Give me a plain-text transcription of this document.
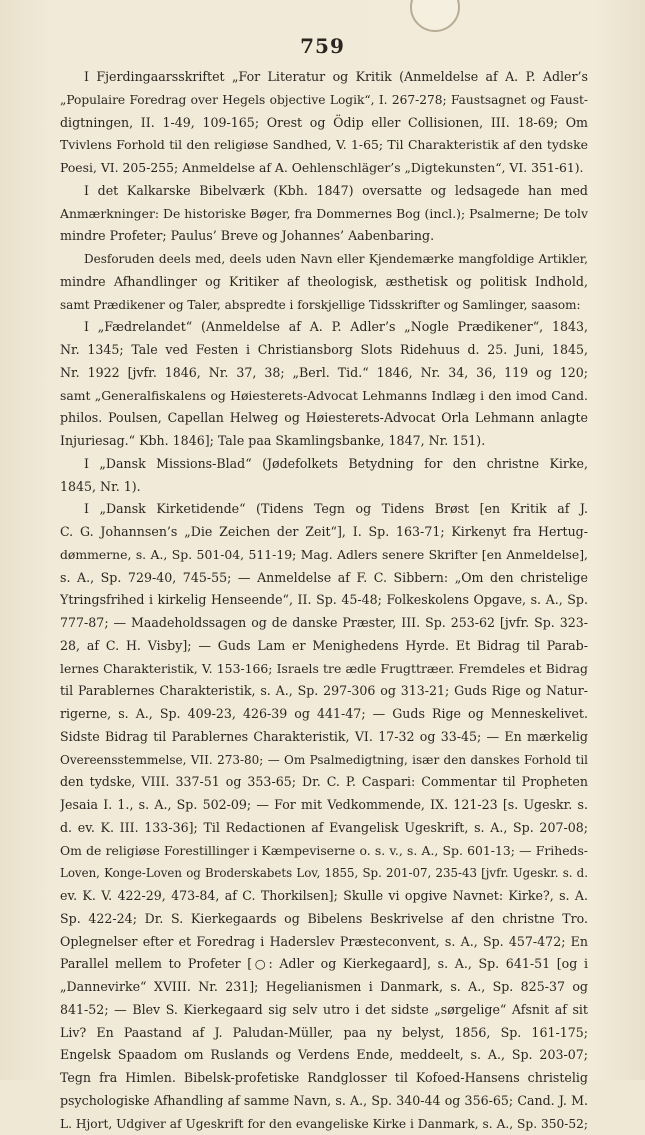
759
I Fjerdingaarsskriftet „For Literatur og Kritik (Anmeldelse af A. P. Adler’s
„Populaire Foredrag over Hegels objective Logik“, I. 267-278; Faustsagnet og Faust-
digtningen, II. 1-49, 109-165; Orest og Ödip eller Collisionen, III. 18-69; Om
Tvivlens Forhold til den religiøse Sandhed, V. 1-65; Til Charakteristik af den tydske
Poesi, VI. 205-255; Anmeldelse af A. Oehlenschläger’s „Digtekunsten“, VI. 351-61).
I det Kalkarske Bibelværk (Kbh. 1847) oversatte og ledsagede han med
Anmærkninger: De historiske Bøger, fra Dommernes Bog (incl.); Psalmerne; De tolv
mindre Profeter; Paulus’ Breve og Johannes’ Aabenbaring.
Desforuden deels med, deels uden Navn eller Kjendemærke mangfoldige Artikler,
mindre Afhandlinger og Kritiker af theologisk, æsthetisk og politisk Indhold,
samt Prædikener og Taler, abspredte i forskjellige Tidsskrifter og Samlinger, saasom:
I „Fædrelandet“ (Anmeldelse af A. P. Adler’s „Nogle Prædikener“, 1843,
Nr. 1345; Tale ved Festen i Christiansborg Slots Ridehuus d. 25. Juni, 1845,
Nr. 1922 [jvfr. 1846, Nr. 37, 38; „Berl. Tid.“ 1846, Nr. 34, 36, 119 og 120;
samt „Generalfiskalens og Høiesterets-Advocat Lehmanns Indlæg i den imod Cand.
philos. Poulsen, Capellan Helweg og Høiesterets-Advocat Orla Lehmann anlagte
Injuriesag.“ Kbh. 1846]; Tale paa Skamlingsbanke, 1847, Nr. 151).
I „Dansk Missions-Blad“ (Jødefolkets Betydning for den christne Kirke,
1845, Nr. 1).
I „Dansk Kirketidende“ (Tidens Tegn og Tidens Brøst [en Kritik af J.
C. G. Johannsen’s „Die Zeichen der Zeit“], I. Sp. 163-71; Kirkenyt fra Hertug-
dømmerne, s. A., Sp. 501-04, 511-19; Mag. Adlers senere Skrifter [en Anmeldelse],
s. A., Sp. 729-40, 745-55; — Anmeldelse af F. C. Sibbern: „Om den christelige
Ytringsfrihed i kirkelig Henseende“, II. Sp. 45-48; Folkeskolens Opgave, s. A., Sp.
777-87; — Maadeholdssagen og de danske Præster, III. Sp. 253-62 [jvfr. Sp. 323-
28, af C. H. Visby]; — Guds Lam er Menighedens Hyrde. Et Bidrag til Parab-
lernes Charakteristik, V. 153-166; Israels tre ædle Frugttræer. Fremdeles et Bidrag
til Parablernes Charakteristik, s. A., Sp. 297-306 og 313-21; Guds Rige og Natur-
rigerne, s. A., Sp. 409-23, 426-39 og 441-47; — Guds Rige og Menneskelivet.
Sidste Bidrag til Parablernes Charakteristik, VI. 17-32 og 33-45; — En mærkelig
Overeensstemmelse, VII. 273-80; — Om Psalmedigtning, især den danskes Forhold til
den tydske, VIII. 337-51 og 353-65; Dr. C. P. Caspari: Commentar til Propheten
Jesaia I. 1., s. A., Sp. 502-09; — For mit Vedkommende, IX. 121-23 [s. Ugeskr. s.
d. ev. K. III. 133-36]; Til Redactionen af Evangelisk Ugeskrift, s. A., Sp. 207-08;
Om de religiøse Forestillinger i Kæmpeviserne o. s. v., s. A., Sp. 601-13; — Friheds-
Loven, Konge-Loven og Broderskabets Lov, 1855, Sp. 201-07, 235-43 [jvfr. Ugeskr. s. d.
ev. K. V. 422-29, 473-84, af C. Thorkilsen]; Skulle vi opgive Navnet: Kirke?, s. A.
Sp. 422-24; Dr. S. Kierkegaards og Bibelens Beskrivelse af den christne Tro.
Oplegnelser efter et Foredrag i Haderslev Præsteconvent, s. A., Sp. 457-472; En
Parallel mellem to Profeter [○: Adler og Kierkegaard], s. A., Sp. 641-51 [og i
„Dannevirke“ XVIII. Nr. 231]; Hegelianismen i Danmark, s. A., Sp. 825-37 og
841-52; — Blev S. Kierkegaard sig selv utro i det sidste „sørgelige“ Afsnit af sit
Liv? En Paastand af J. Paludan-Müller, paa ny belyst, 1856, Sp. 161-175;
Engelsk Spaadom om Ruslands og Verdens Ende, meddeelt, s. A., Sp. 203-07;
Tegn fra Himlen. Bibelsk-profetiske Randglosser til Kofoed-Hansens christelig
psychologiske Afhandling af samme Navn, s. A., Sp. 340-44 og 356-65; Cand. J. M.
L. Hjort, Udgiver af Ugeskrift for den evangeliske Kirke i Danmark, s. A., Sp. 350-52;
